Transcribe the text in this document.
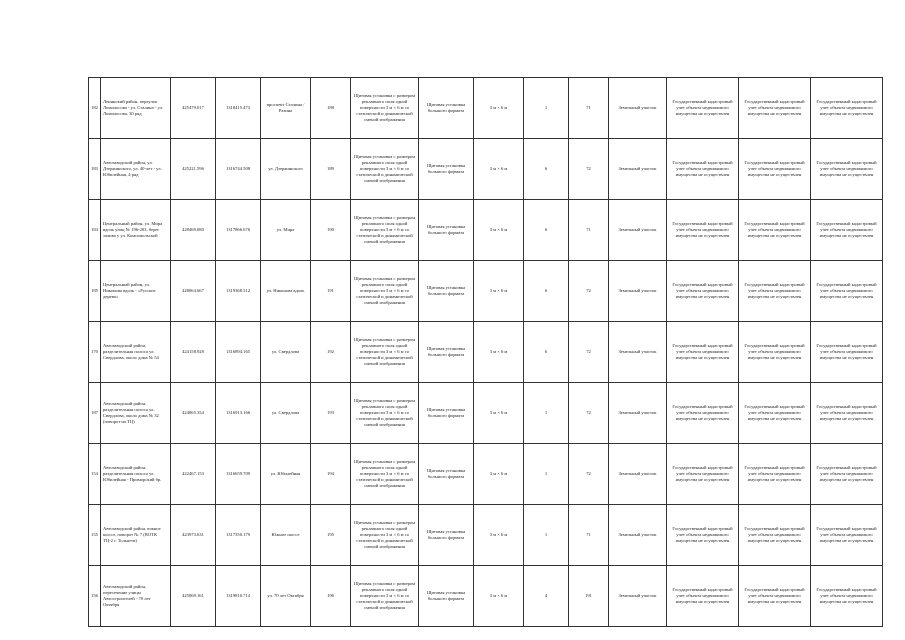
182	Ленинский район, переулок Ломоносова - ул. Сталина - ул. Ломоносова, 30 ряд	425479.017	1318415.473	проспект Сталина / Разина	188	Щитовая установка с размером рекламного поля одной поверхности 3 м × 6 м со статической и динамической сменой изображения	Щитовая установка большого формата	3 м × 6 м	1	71	Земельный участок	Государственный кадастровый учет объекта недвижимого имущества не осуществлен	Государственный кадастровый учет объекта недвижимого имущества не осуществлен	Государственный кадастровый учет объекта недвижимого имущества не осуществлен
183	Автозаводский район, ул. Дзержинского, ул. 40-лет - ул. Юбилейная, 4 ряд	425221.596	1316744.508	ул. Дзержинского	189	Щитовая установка с размером рекламного поля одной поверхности 3 м × 6 м со статической и динамической сменой изображения	Щитовая установка большого формата	3 м × 6 м	6	72	Земельный участок	Государственный кадастровый учет объекта недвижимого имущества не осуществлен	Государственный кадастровый учет объекта недвижимого имущества не осуществлен	Государственный кадастровый учет объекта недвижимого имущества не осуществлен
184	Центральный район, ул. Мира вдоль улиц № 196-203, берег залива у ул. Комсомольской	428469.080	1317866.676	ул. Мира	190	Щитовая установка с размером рекламного поля одной поверхности 3 м × 6 м со статической и динамической сменой изображения	Щитовая установка большого формата	3 м × 6 м	6	71	Земельный участок	Государственный кадастровый учет объекта недвижимого имущества не осуществлен	Государственный кадастровый учет объекта недвижимого имущества не осуществлен	Государственный кадастровый учет объекта недвижимого имущества не осуществлен
185	Центральный район, ул. Никонова вдоль - «Русское дерево»	428064.667	1319368.512	ул. Никонова вдоль	191	Щитовая установка с размером рекламного поля одной поверхности 3 м × 6 м со статической и динамической сменой изображения	Щитовая установка большого формата	3 м × 6 м	6	72	Земельный участок	Государственный кадастровый учет объекта недвижимого имущества не осуществлен	Государственный кадастровый учет объекта недвижимого имущества не осуществлен	Государственный кадастровый учет объекта недвижимого имущества не осуществлен
170	Автозаводский район, разделительная полоса ул. Свердлова, около дома № 54	424158.928	1316894.165	ул. Свердлова	192	Щитовая установка с размером рекламного поля одной поверхности 3 м × 6 м со статической и динамической сменой изображения	Щитовая установка большого формата	3 м × 6 м	6	72	Земельный участок	Государственный кадастровый учет объекта недвижимого имущества не осуществлен	Государственный кадастровый учет объекта недвижимого имущества не осуществлен	Государственный кадастровый учет объекта недвижимого имущества не осуществлен
187	Автозаводский район, разделительная полоса ул. Свердлова, около дома № 32 (поворот на ТЦ)	424065.354	1316913.166	ул. Свердлова	193	Щитовая установка с размером рекламного поля одной поверхности 3 м × 6 м со статической и динамической сменой изображения	Щитовая установка большого формата	3 м × 6 м	1	72	Земельный участок	Государственный кадастровый учет объекта недвижимого имущества не осуществлен	Государственный кадастровый учет объекта недвижимого имущества не осуществлен	Государственный кадастровый учет объекта недвижимого имущества не осуществлен
154	Автозаводский район, разделительная полоса ул. Юбилейная - Приморский бр.	422467.153	1316659.709	ул. Юбилейная	194	Щитовая установка с размером рекламного поля одной поверхности 3 м × 6 м со статической и динамической сменой изображения	Щитовая установка большого формата	3 м × 6 м	1	72	Земельный участок	Государственный кадастровый учет объекта недвижимого имущества не осуществлен	Государственный кадастровый учет объекта недвижимого имущества не осуществлен	Государственный кадастровый учет объекта недвижимого имущества не осуществлен
155	Автозаводский район, южное шоссе, поворот № 7 (ВОТК ТЦ-2 г. Тольятти)	423973.631	1317350.179	Южное шоссе	195	Щитовая установка с размером рекламного поля одной поверхности 3 м × 6 м со статической и динамической сменой изображения	Щитовая установка большого формата	3 м × 6 м	1	71	Земельный участок	Государственный кадастровый учет объекта недвижимого имущества не осуществлен	Государственный кадастровый учет объекта недвижимого имущества не осуществлен	Государственный кадастровый учет объекта недвижимого имущества не осуществлен
156	Автозаводский район, пересечение улицы Автостроителей - 70 лет Октября	425069.161	1319810.714	ул. 70 лет Октября	196	Щитовая установка с размером рекламного поля одной поверхности 3 м × 6 м со статической и динамической сменой изображения	Щитовая установка большого формата	3 м × 6 м	4	191	Земельный участок	Государственный кадастровый учет объекта недвижимого имущества не осуществлен	Государственный кадастровый учет объекта недвижимого имущества не осуществлен	Государственный кадастровый учет объекта недвижимого имущества не осуществлен
